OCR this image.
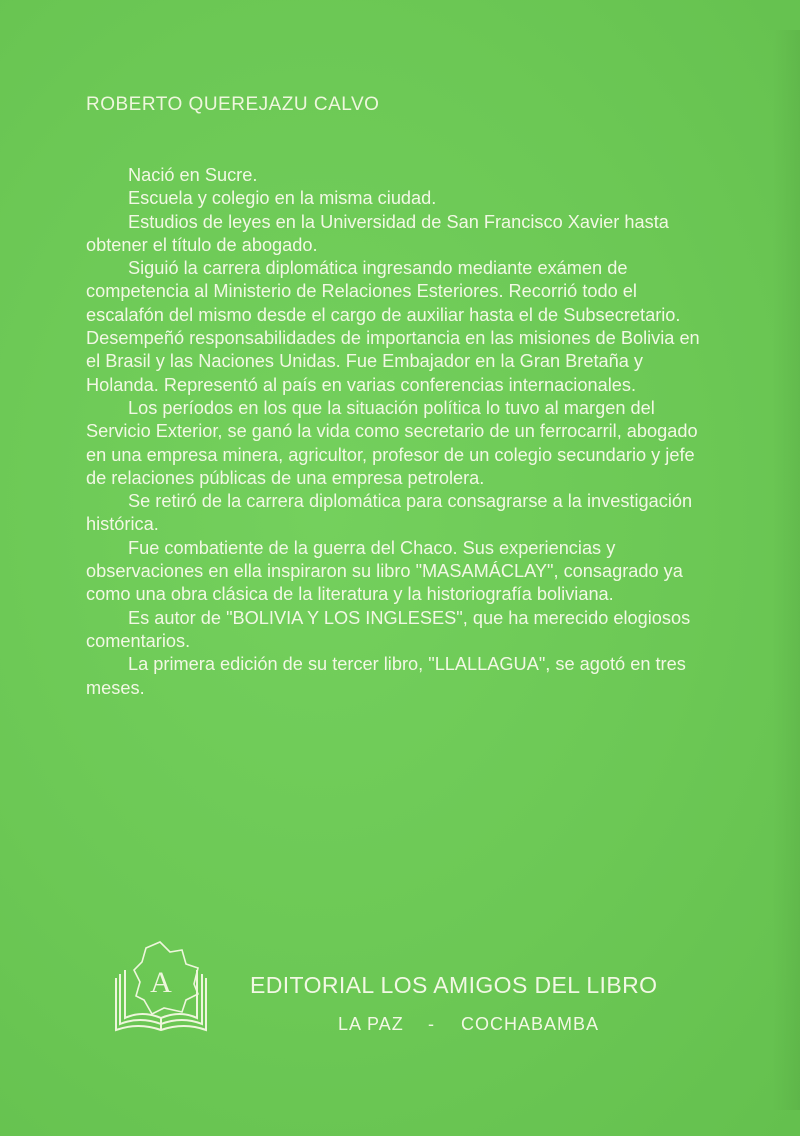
ROBERTO QUEREJAZU CALVO

Nació en Sucre.

Escuela y colegio en la misma ciudad.

Estudios de leyes en la Universidad de San Francisco Xavier hasta obtener el título de abogado.

Siguió la carrera diplomática ingresando mediante exámen de competencia al Ministerio de Relaciones Esteriores. Recorrió todo el escalafón del mismo desde el cargo de auxiliar hasta el de Subsecretario. Desempeñó responsabilidades de importancia en las misiones de Bolivia en el Brasil y las Naciones Unidas. Fue Embajador en la Gran Bretaña y Holanda. Representó al país en varias conferencias internacionales.

Los períodos en los que la situación política lo tuvo al margen del Servicio Exterior, se ganó la vida como secretario de un ferrocarril, abogado en una empresa minera, agricultor, profesor de un colegio secundario y jefe de relaciones públicas de una empresa petrolera.

Se retiró de la carrera diplomática para consagrarse a la investigación histórica.

Fue combatiente de la guerra del Chaco. Sus experiencias y observaciones en ella inspiraron su libro "MASAMÁCLAY", consagrado ya como una obra clásica de la literatura y la historiografía boliviana.

Es autor de "BOLIVIA Y LOS INGLESES", que ha merecido elogiosos comentarios.

La primera edición de su tercer libro, "LLALLAGUA", se agotó en tres meses.

A	EDITORIAL LOS AMIGOS DEL LIBRO
LA PAZ - COCHABAMBA
